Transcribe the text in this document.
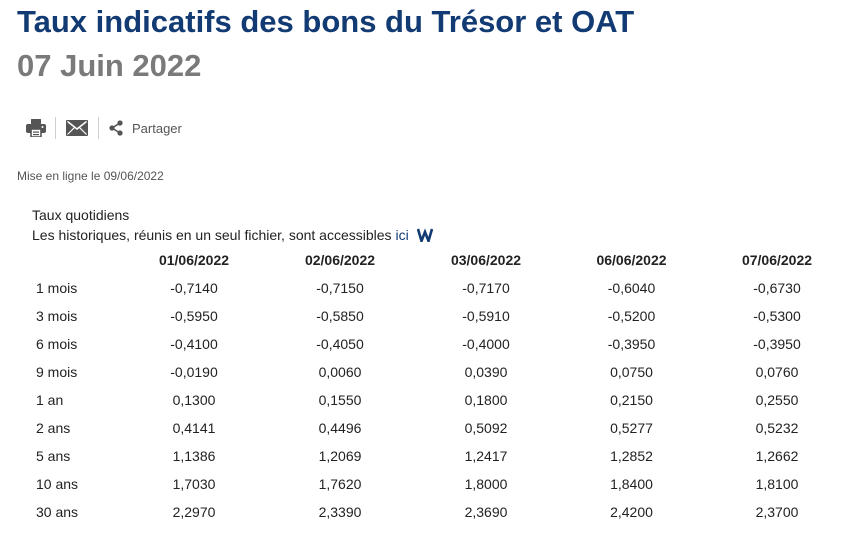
Taux indicatifs des bons du Trésor et OAT
07 Juin 2022
Partager
Mise en ligne le 09/06/2022
Taux quotidiens
Les historiques, réunis en un seul fichier, sont accessibles ici
	01/06/2022	02/06/2022	03/06/2022	06/06/2022	07/06/2022
1 mois	-0,7140	-0,7150	-0,7170	-0,6040	-0,6730
3 mois	-0,5950	-0,5850	-0,5910	-0,5200	-0,5300
6 mois	-0,4100	-0,4050	-0,4000	-0,3950	-0,3950
9 mois	-0,0190	0,0060	0,0390	0,0750	0,0760
1 an	0,1300	0,1550	0,1800	0,2150	0,2550
2 ans	0,4141	0,4496	0,5092	0,5277	0,5232
5 ans	1,1386	1,2069	1,2417	1,2852	1,2662
10 ans	1,7030	1,7620	1,8000	1,8400	1,8100
30 ans	2,2970	2,3390	2,3690	2,4200	2,3700
